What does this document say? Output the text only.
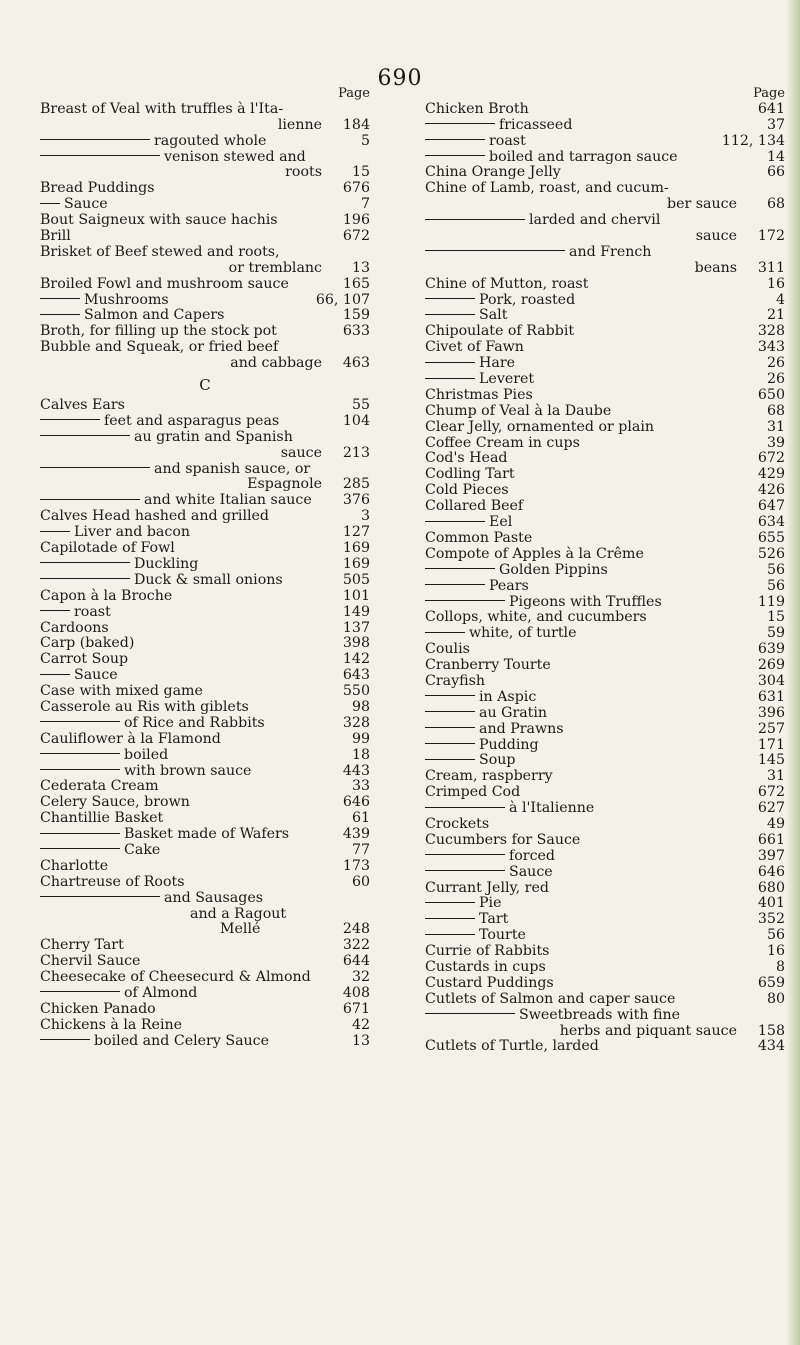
690
Page
Breast of Veal with truffles à l'Ita-
lienne 184
ragouted whole	5
venison stewed and
roots 15
Bread Puddings	676
Sauce	7
Bout Saigneux with sauce hachis	196
Brill	672
Brisket of Beef stewed and roots,
or tremblanc 13
Broiled Fowl and mushroom sauce	165
Mushrooms	66, 107
Salmon and Capers	159
Broth, for filling up the stock pot	633
Bubble and Squeak, or fried beef
and cabbage 463
C
Calves Ears	55
feet and asparagus peas	104
au gratin and Spanish
sauce 213
and spanish sauce, or
Espagnole 285
and white Italian sauce 376
Calves Head hashed and grilled	3
Liver and bacon	127
Capilotade of Fowl	169
Duckling	169
Duck & small onions	505
Capon à la Broche	101
roast	149
Cardoons	137
Carp (baked)	398
Carrot Soup	142
Sauce	643
Case with mixed game	550
Casserole au Ris with giblets	98
of Rice and Rabbits	328
Cauliflower à la Flamond	99
boiled	18
with brown sauce	443
Cederata Cream	33
Celery Sauce, brown	646
Chantillie Basket	61
Basket made of Wafers	439
Cake	77
Charlotte	173
Chartreuse of Roots	60
and Sausages
and a Ragout
Mellé	248
Cherry Tart	322
Chervil Sauce	644
Cheesecake of Cheesecurd & Almond	32
of Almond	408
Chicken Panado	671
Chickens à la Reine	42
boiled and Celery Sauce	13
Page
Chicken Broth	641
fricasseed	37
roast	112, 134
boiled and tarragon sauce	14
China Orange Jelly	66
Chine of Lamb, roast, and cucum-
ber sauce 68
larded and chervil
sauce 172
and French
beans 311
Chine of Mutton, roast	16
Pork, roasted	4
Salt	21
Chipoulate of Rabbit	328
Civet of Fawn	343
Hare	26
Leveret	26
Christmas Pies	650
Chump of Veal à la Daube	68
Clear Jelly, ornamented or plain	31
Coffee Cream in cups	39
Cod's Head	672
Codling Tart	429
Cold Pieces	426
Collared Beef	647
Eel	634
Common Paste	655
Compote of Apples à la Crême	526
Golden Pippins	56
Pears	56
Pigeons with Truffles	119
Collops, white, and cucumbers	15
white, of turtle	59
Coulis	639
Cranberry Tourte	269
Crayfish	304
in Aspic	631
au Gratin	396
and Prawns	257
Pudding	171
Soup	145
Cream, raspberry	31
Crimped Cod	672
à l'Italienne	627
Crockets	49
Cucumbers for Sauce	661
forced	397
Sauce	646
Currant Jelly, red	680
Pie	401
Tart	352
Tourte	56
Currie of Rabbits	16
Custards in cups	8
Custard Puddings	659
Cutlets of Salmon and caper sauce	80
Sweetbreads with fine
herbs and piquant sauce 158
Cutlets of Turtle, larded	434
